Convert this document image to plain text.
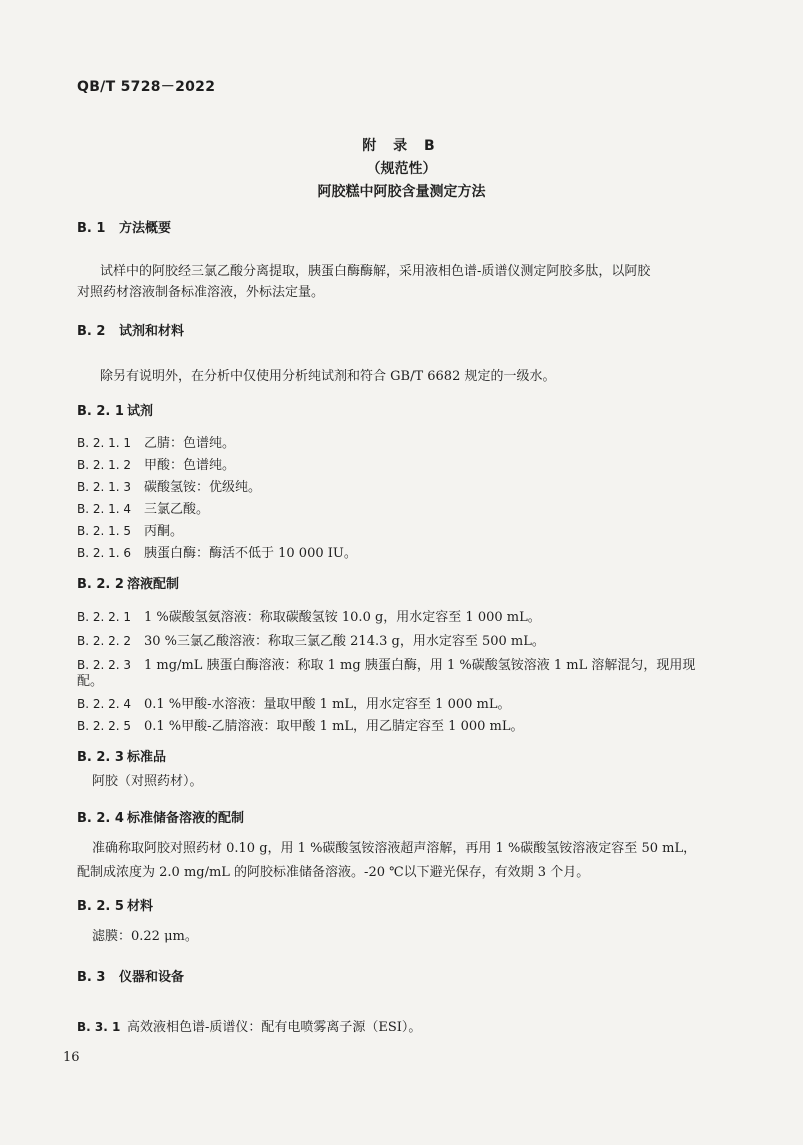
QB/T 5728－2022
附 录 B
（规范性）
阿胶糕中阿胶含量测定方法
B. 1 方法概要
试样中的阿胶经三氯乙酸分离提取，胰蛋白酶酶解，采用液相色谱-质谱仪测定阿胶多肽，以阿胶
对照药材溶液制备标准溶液，外标法定量。
B. 2 试剂和材料
除另有说明外，在分析中仅使用分析纯试剂和符合 GB/T 6682 规定的一级水。
B. 2. 1 试剂
B. 2. 1. 1 乙腈：色谱纯。
B. 2. 1. 2 甲酸：色谱纯。
B. 2. 1. 3 碳酸氢铵：优级纯。
B. 2. 1. 4 三氯乙酸。
B. 2. 1. 5 丙酮。
B. 2. 1. 6 胰蛋白酶：酶活不低于 10 000 IU。
B. 2. 2 溶液配制
B. 2. 2. 1 1 %碳酸氢氨溶液：称取碳酸氢铵 10.0 g，用水定容至 1 000 mL。
B. 2. 2. 2 30 %三氯乙酸溶液：称取三氯乙酸 214.3 g，用水定容至 500 mL。
B. 2. 2. 3 1 mg/mL 胰蛋白酶溶液：称取 1 mg 胰蛋白酶，用 1 %碳酸氢铵溶液 1 mL 溶解混匀，现用现
配。
B. 2. 2. 4 0.1 %甲酸-水溶液：量取甲酸 1 mL，用水定容至 1 000 mL。
B. 2. 2. 5 0.1 %甲酸-乙腈溶液：取甲酸 1 mL，用乙腈定容至 1 000 mL。
B. 2. 3 标准品
阿胶（对照药材）。
B. 2. 4 标准储备溶液的配制
准确称取阿胶对照药材 0.10 g，用 1 %碳酸氢铵溶液超声溶解，再用 1 %碳酸氢铵溶液定容至 50 mL，
配制成浓度为 2.0 mg/mL 的阿胶标准储备溶液。-20 ℃以下避光保存，有效期 3 个月。
B. 2. 5 材料
滤膜：0.22 μm。
B. 3 仪器和设备
B. 3. 1 高效液相色谱-质谱仪：配有电喷雾离子源（ESI）。
16
